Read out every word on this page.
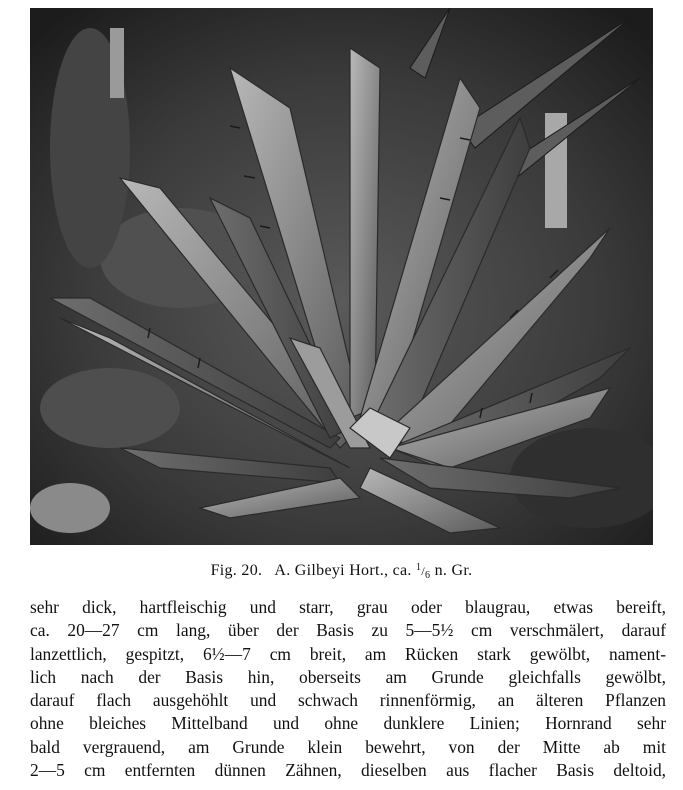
Fig. 20. A. Gilbeyi Hort., ca. $^1/_6$ n. Gr.
sehr dick, hartfleischig und starr, grau oder blaugrau, etwas bereift,
ca. 20—27 cm lang, über der Basis zu 5—5½ cm verschmälert, darauf
lanzettlich, gespitzt, 6½—7 cm breit, am Rücken stark gewölbt, nament-
lich nach der Basis hin, oberseits am Grunde gleichfalls gewölbt,
darauf flach ausgehöhlt und schwach rinnenförmig, an älteren Pflanzen
ohne bleiches Mittelband und ohne dunklere Linien; Hornrand sehr
bald vergrauend, am Grunde klein bewehrt, von der Mitte ab mit
2—5 cm entfernten dünnen Zähnen, dieselben aus flacher Basis deltoid,
